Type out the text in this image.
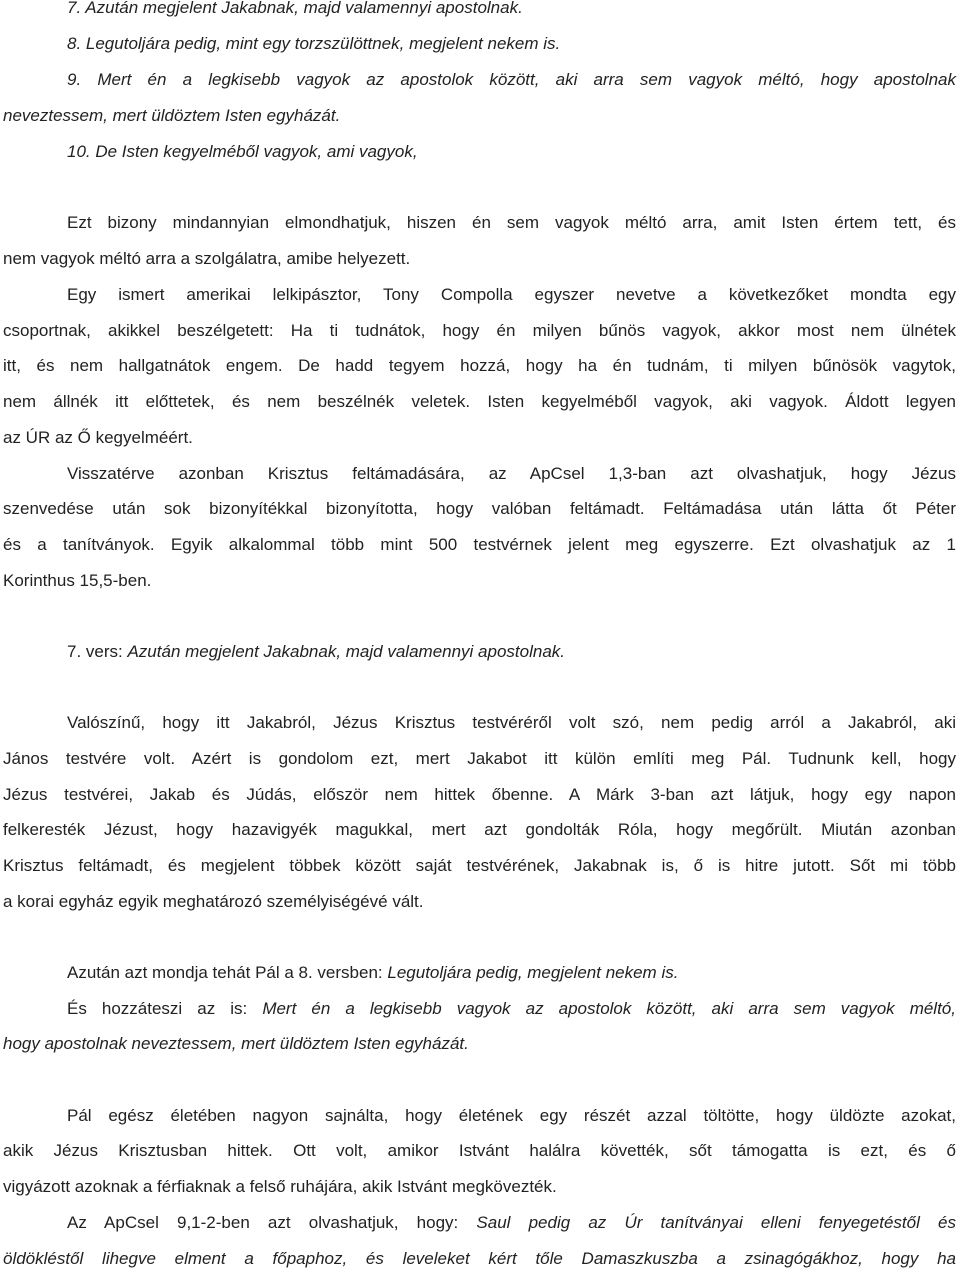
7. Azután megjelent Jakabnak, majd valamennyi apostolnak.
8. Legutoljára pedig, mint egy torzszülöttnek, megjelent nekem is.
9. Mert én a legkisebb vagyok az apostolok között, aki arra sem vagyok méltó, hogy apostolnak
neveztessem, mert üldöztem Isten egyházát.
10. De Isten kegyelméből vagyok, ami vagyok,
Ezt bizony mindannyian elmondhatjuk, hiszen én sem vagyok méltó arra, amit Isten értem tett, és
nem vagyok méltó arra a szolgálatra, amibe helyezett.
Egy ismert amerikai lelkipásztor, Tony Compolla egyszer nevetve a következőket mondta egy
csoportnak, akikkel beszélgetett: Ha ti tudnátok, hogy én milyen bűnös vagyok, akkor most nem ülnétek
itt, és nem hallgatnátok engem. De hadd tegyem hozzá, hogy ha én tudnám, ti milyen bűnösök vagytok,
nem állnék itt előttetek, és nem beszélnék veletek. Isten kegyelméből vagyok, aki vagyok. Áldott legyen
az ÚR az Ő kegyelméért.
Visszatérve azonban Krisztus feltámadására, az ApCsel 1,3-ban azt olvashatjuk, hogy Jézus
szenvedése után sok bizonyítékkal bizonyította, hogy valóban feltámadt. Feltámadása után látta őt Péter
és a tanítványok. Egyik alkalommal több mint 500 testvérnek jelent meg egyszerre. Ezt olvashatjuk az 1
Korinthus 15,5-ben.
7. vers: Azután megjelent Jakabnak, majd valamennyi apostolnak.
Valószínű, hogy itt Jakabról, Jézus Krisztus testvéréről volt szó, nem pedig arról a Jakabról, aki
János testvére volt. Azért is gondolom ezt, mert Jakabot itt külön említi meg Pál. Tudnunk kell, hogy
Jézus testvérei, Jakab és Júdás, először nem hittek őbenne. A Márk 3-ban azt látjuk, hogy egy napon
felkeresték Jézust, hogy hazavigyék magukkal, mert azt gondolták Róla, hogy megőrült. Miután azonban
Krisztus feltámadt, és megjelent többek között saját testvérének, Jakabnak is, ő is hitre jutott. Sőt mi több
a korai egyház egyik meghatározó személyiségévé vált.
Azután azt mondja tehát Pál a 8. versben: Legutoljára pedig, megjelent nekem is.
És hozzáteszi az is: Mert én a legkisebb vagyok az apostolok között, aki arra sem vagyok méltó,
hogy apostolnak neveztessem, mert üldöztem Isten egyházát.
Pál egész életében nagyon sajnálta, hogy életének egy részét azzal töltötte, hogy üldözte azokat,
akik Jézus Krisztusban hittek. Ott volt, amikor Istvánt halálra követték, sőt támogatta is ezt, és ő
vigyázott azoknak a férfiaknak a felső ruhájára, akik Istvánt megkövezték.
Az ApCsel 9,1-2-ben azt olvashatjuk, hogy: Saul pedig az Úr tanítványai elleni fenyegetéstől és
öldökléstől lihegve elment a főpaphoz, és leveleket kért tőle Damaszkuszba a zsinagógákhoz, hogy ha
